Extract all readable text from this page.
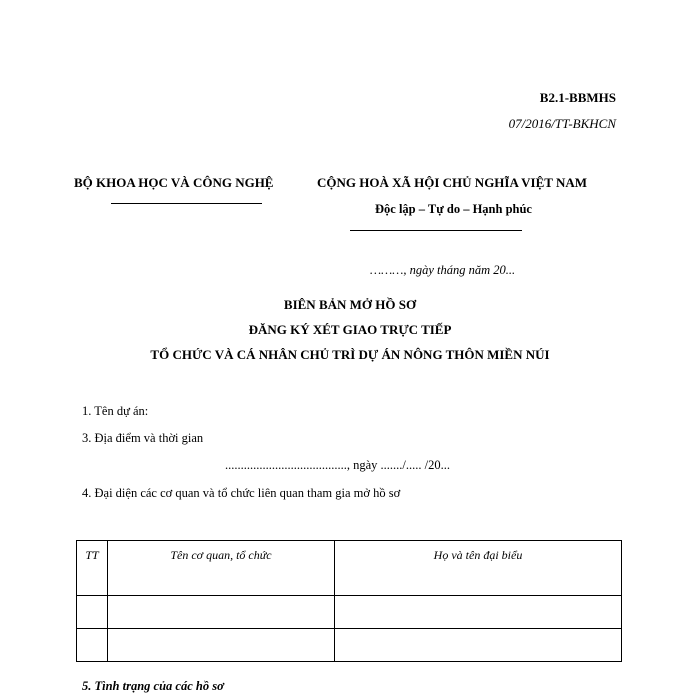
B2.1-BBMHS
07/2016/TT-BKHCN
BỘ KHOA HỌC VÀ CÔNG NGHỆ	CỘNG HOÀ XÃ HỘI CHỦ NGHĨA VIỆT NAM
Độc lập – Tự do – Hạnh phúc
………, ngày tháng năm 20...
BIÊN BẢN MỞ HỒ SƠ
ĐĂNG KÝ XÉT GIAO TRỰC TIẾP
TỔ CHỨC VÀ CÁ NHÂN CHỦ TRÌ DỰ ÁN NÔNG THÔN MIỀN NÚI
1. Tên dự án:
3. Địa điểm và thời gian
......................................., ngày ......./..... /20...
4. Đại diện các cơ quan và tổ chức liên quan tham gia mở hồ sơ
TT	Tên cơ quan, tổ chức	Họ và tên đại biểu

5. Tình trạng của các hồ sơ
